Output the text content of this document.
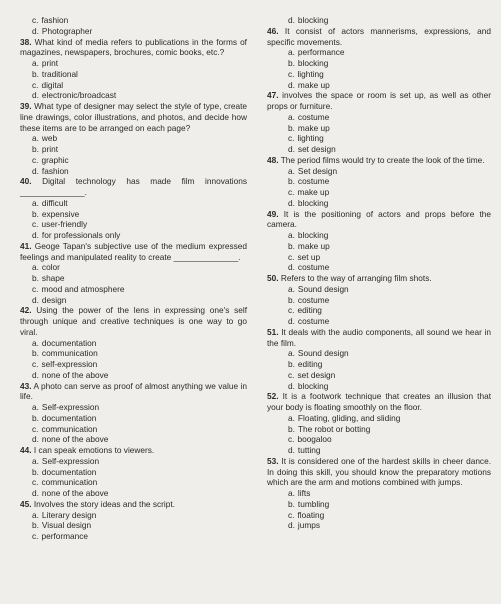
c. fashion
d. Photographer
38. What kind of media refers to publications in the forms of magazines, newspapers, brochures, comic books, etc.?
a. print
b. traditional
c. digital
d. electronic/broadcast
39. What type of designer may select the style of type, create line drawings, color illustrations, and photos, and decide how these items are to be arranged on each page?
a. web
b. print
c. graphic
d. fashion
40. Digital technology has made film innovations ______________.
a. difficult
b. expensive
c. user-friendly
d. for professionals only
41. Geoge Tapan's subjective use of the medium expressed feelings and manipulated reality to create ______________.
a. color
b. shape
c. mood and atmosphere
d. design
42. Using the power of the lens in expressing one's self through unique and creative techniques is one way to go viral.
a. documentation
b. communication
c. self-expression
d. none of the above
43. A photo can serve as proof of almost anything we value in life.
a. Self-expression
b. documentation
c. communication
d. none of the above
44. I can speak emotions to viewers.
a. Self-expression
b. documentation
c. communication
d. none of the above
45. Involves the story ideas and the script.
a. Literary design
b. Visual design
c. performance
d. blocking
46. It consist of actors mannerisms, expressions, and specific movements.
a. performance
b. blocking
c. lighting
d. make up
47. involves the space or room is set up, as well as other props or furniture.
a. costume
b. make up
c. lighting
d. set design
48. The period films would try to create the look of the time.
a. Set design
b. costume
c. make up
d. blocking
49. It is the positioning of actors and props before the camera.
a. blocking
b. make up
c. set up
d. costume
50. Refers to the way of arranging film shots.
a. Sound design
b. costume
c. editing
d. costume
51. It deals with the audio components, all sound we hear in the film.
a. Sound design
b. editing
c. set design
d. blocking
52. It is a footwork technique that creates an illusion that your body is floating smoothly on the floor.
a. Floating, gliding, and sliding
b. The robot or botting
c. boogaloo
d. tutting
53. It is considered one of the hardest skills in cheer dance. In doing this skill, you should know the preparatory motions which are the arm and motions combined with jumps.
a. lifts
b. tumbling
c. floating
d. jumps
